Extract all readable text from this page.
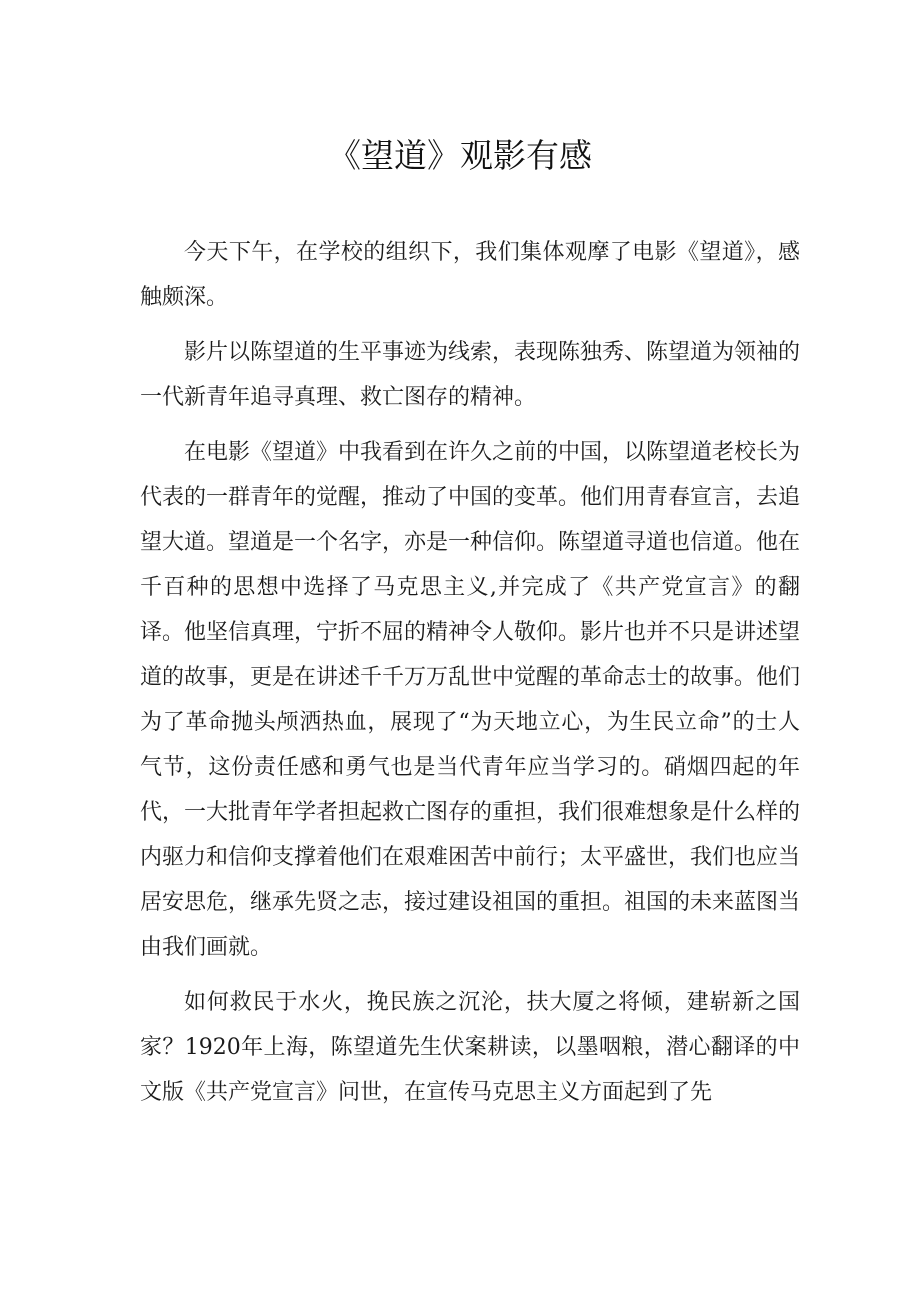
《望道》观影有感

今天下午，在学校的组织下，我们集体观摩了电影《望道》，感触颇深。

影片以陈望道的生平事迹为线索，表现陈独秀、陈望道为领袖的一代新青年追寻真理、救亡图存的精神。

在电影《望道》中我看到在许久之前的中国，以陈望道老校长为代表的一群青年的觉醒，推动了中国的变革。他们用青春宣言，去追望大道。望道是一个名字，亦是一种信仰。陈望道寻道也信道。他在千百种的思想中选择了马克思主义,并完成了《共产党宣言》的翻译。他坚信真理，宁折不屈的精神令人敬仰。影片也并不只是讲述望道的故事，更是在讲述千千万万乱世中觉醒的革命志士的故事。他们为了革命抛头颅洒热血，展现了“为天地立心，为生民立命”的士人气节，这份责任感和勇气也是当代青年应当学习的。硝烟四起的年代，一大批青年学者担起救亡图存的重担，我们很难想象是什么样的内驱力和信仰支撑着他们在艰难困苦中前行；太平盛世，我们也应当居安思危，继承先贤之志，接过建设祖国的重担。祖国的未来蓝图当由我们画就。

如何救民于水火，挽民族之沉沦，扶大厦之将倾，建崭新之国家？1920年上海，陈望道先生伏案耕读，以墨咽粮，潜心翻译的中文版《共产党宣言》问世，在宣传马克思主义方面起到了先
